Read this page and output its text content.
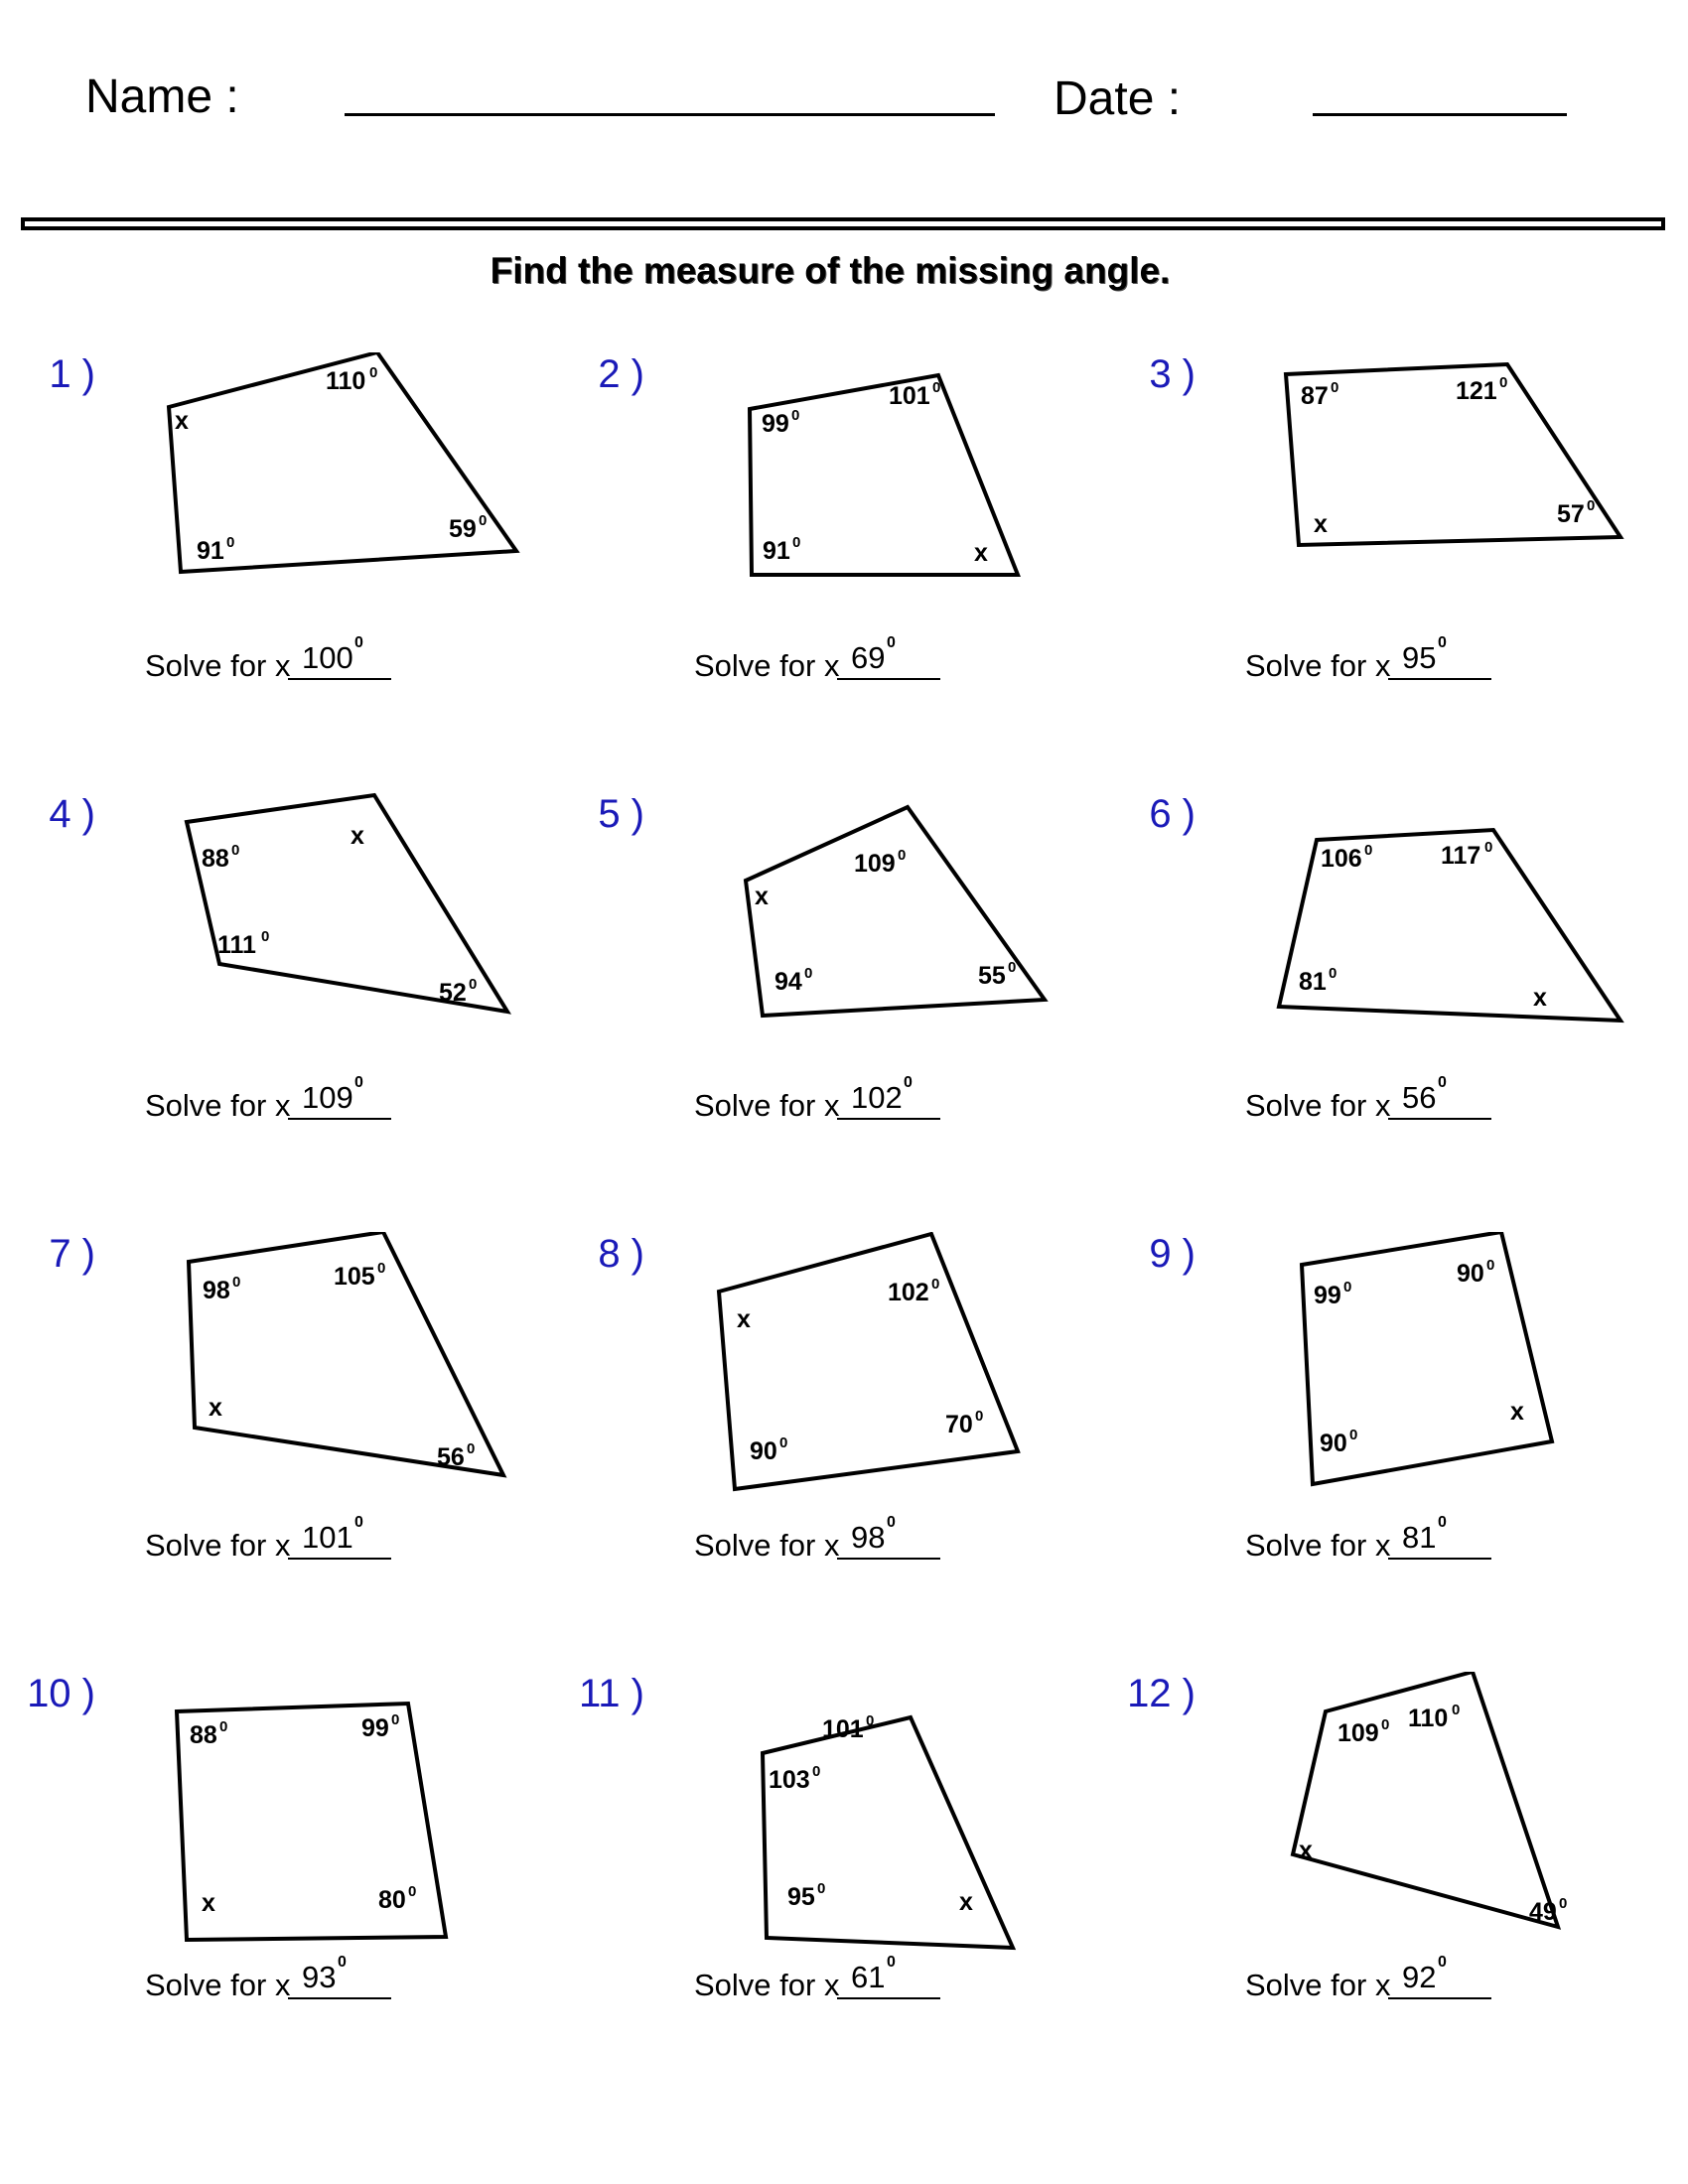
Name :	Date :
Find the measure of the missing angle.
1 )
x
110 0
59 0
91 0
Solve for x 100 0
2 )
99 0
101 0
x
91 0
Solve for x 69 0
3 )	87 0	121 0
57 0
x
Solve for x 95 0
4 )
88 0
x
52 0
111 0
Solve for x 109 0
5 )
x
109 0
55 0
94 0
Solve for x 102 0
6 )
106 0	117 0
x
81 0
Solve for x 56 0
7 )
98 0	105 0
56 0
x
Solve for x 101 0
8 )
x
102 0
70 0
90 0
Solve for x 98 0
9 )
99 0	90 0
x
90 0
Solve for x 81 0
10 )
88 0	99 0
80 0
x
Solve for x 93 0
11 )
103 0
101 0
x
95 0
Solve for x 61 0
12 )
109 0 110 0
49 0
x
Solve for x 92 0
